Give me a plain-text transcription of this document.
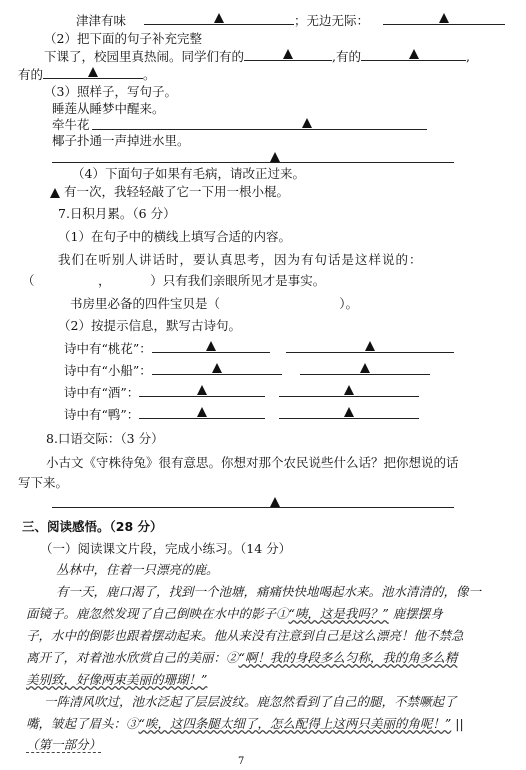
津津有味	；无边无际：
（2）把下面的句子补充完整
下课了，校园里真热闹。同学们有的	,有的	,
有的	。
（3）照样子，写句子。
睡莲从睡梦中醒来。
牵牛花
椰子扑通一声掉进水里。
（4）下面句子如果有毛病，请改正过来。
有一次，我轻轻敲了它一下用一根小棍。
7.日积月累。（6 分）
（1）在句子中的横线上填写合适的内容。
我们在听别人讲话时，要认真思考，因为有句话是这样说的：
（                ，          ）只有我们亲眼所见才是事实。
书房里必备的四件宝贝是（                              ）。
（2）按提示信息，默写古诗句。
诗中有“桃花”：
诗中有“小船”：
诗中有“酒”：
诗中有“鸭”：
8.口语交际：（3 分）
小古文《守株待兔》很有意思。你想对那个农民说些什么话？把你想说的话
写下来。
三、阅读感悟。（28 分）
（一）阅读课文片段，完成小练习。（14 分）
丛林中，住着一只漂亮的鹿。
有一天，鹿口渴了，找到一个池塘，痛痛快快地喝起水来。池水清清的，像一
面镜子。鹿忽然发现了自己倒映在水中的影子①“咦，这是我吗？” 鹿摆摆身
子，水中的倒影也跟着摆动起来。他从来没有注意到自己是这么漂亮！他不禁急
离开了，对着池水欣赏自己的美丽：②“啊！我的身段多么匀称，我的角多么精
美别致，好像两束美丽的珊瑚！”
一阵清风吹过，池水泛起了层层波纹。鹿忽然看到了自己的腿，不禁噘起了
嘴，皱起了眉头：③“唉，这四条腿太细了，怎么配得上这两只美丽的角呢！” ||
（第一部分）
7
